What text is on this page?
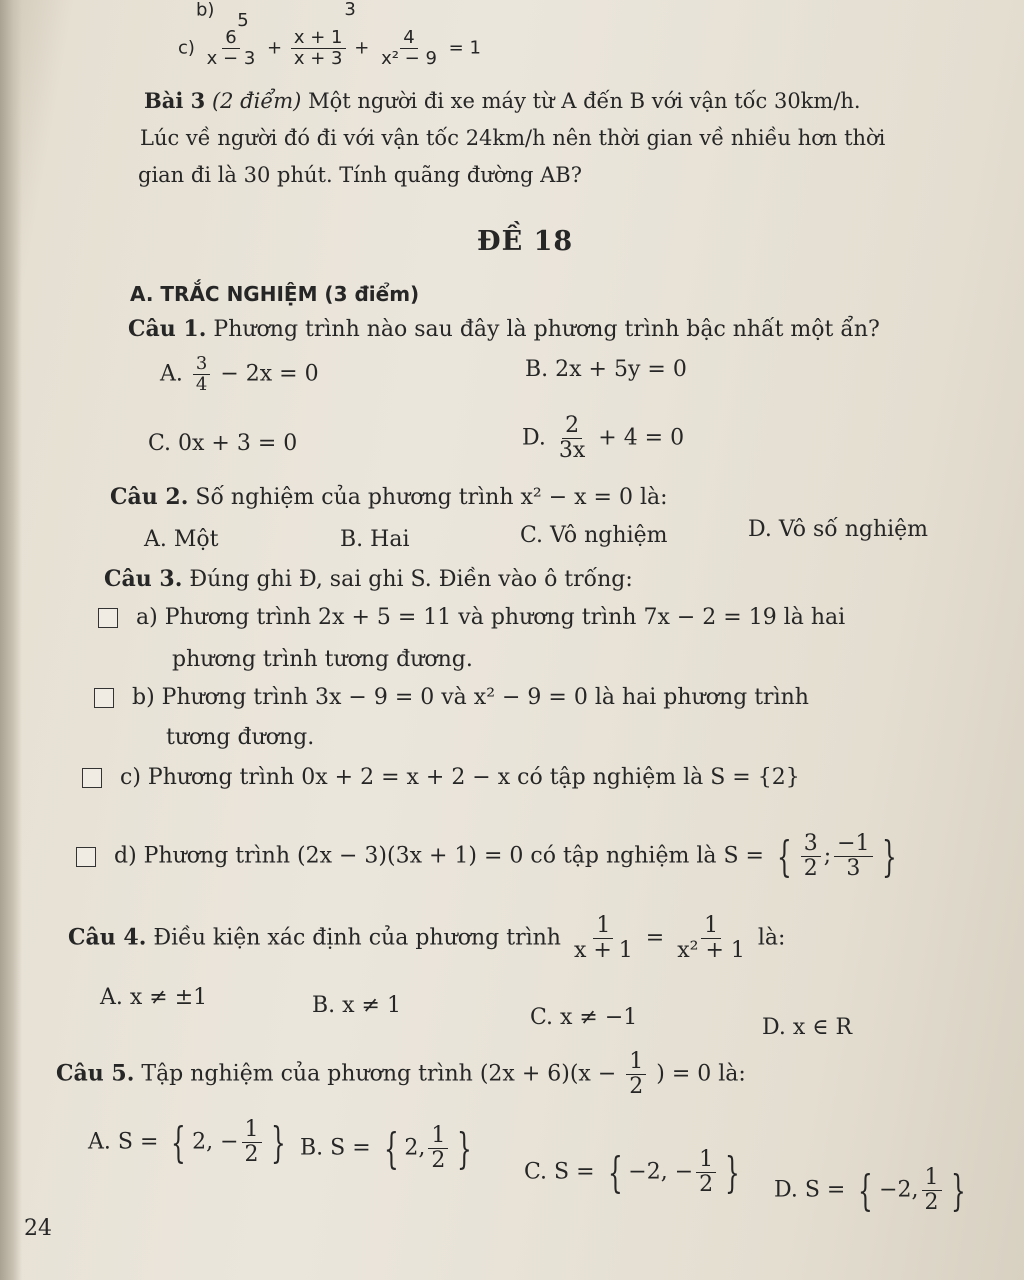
b) 5	3
$c) \frac{6}{x - 3} + \frac{x + 1}{x + 3} + \frac{4}{\text{x² − 9}} = 1$
Bài 3 (2 điểm) Một người đi xe máy từ A đến B với vận tốc 30km/h.
Lúc về người đó đi với vận tốc 24km/h nên thời gian về nhiều hơn thời
gian đi là 30 phút. Tính quãng đường AB?
ĐỀ 18
A. TRẮC NGHIỆM (3 điểm)
Câu 1. Phương trình nào sau đây là phương trình bậc nhất một ẩn?
A. $\frac{3}{4} - 2x = 0$	B. 2x + 5y = 0
C. 0x + 3 = 0	D. $\frac{2}{3x} + 4 = 0$
Câu 2. Số nghiệm của phương trình x² − x = 0 là:
A. Một	B. Hai	C. Vô nghiệm	D. Vô số nghiệm
Câu 3. Đúng ghi Đ, sai ghi S. Điền vào ô trống:
a) Phương trình 2x + 5 = 11 và phương trình 7x − 2 = 19 là hai
phương trình tương đương.
b) Phương trình 3x − 9 = 0 và x² − 9 = 0 là hai phương trình
tương đương.
c) Phương trình 0x + 2 = x + 2 − x có tập nghiệm là S = {2}
d) Phương trình (2x − 3)(3x + 1) = 0 có tập nghiệm là S = { $\frac{3}{2}$ ; $\frac{-1}{3}$ }
Câu 4. Điều kiện xác định của phương trình $\frac{1}{x + 1} = \frac{1}{\text{x² + 1}}$ là:
A. x ≠ ±1	B. x ≠ 1	C. x ≠ −1	D. x ∈ R
Câu 5. Tập nghiệm của phương trình $(2x + 6)(x - \frac{1}{2}$ ) = 0 là:
A. S = { 2, − $\frac{1}{2}$ } B. S = { 2, $\frac{1}{2}$ } C. S = { −2, − $\frac{1}{2}$ } D. S = { −2, $\frac{1}{2}$ }
24
